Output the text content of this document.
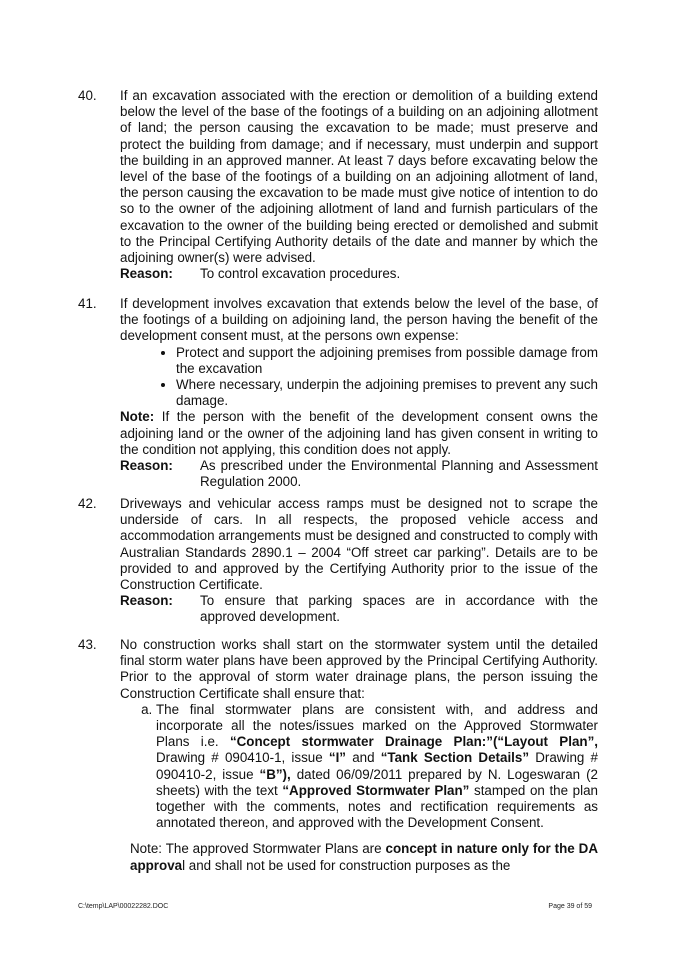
40.	If an excavation associated with the erection or demolition of a building extend below the level of the base of the footings of a building on an adjoining allotment of land; the person causing the excavation to be made; must preserve and protect the building from damage; and if necessary, must underpin and support the building in an approved manner. At least 7 days before excavating below the level of the base of the footings of a building on an adjoining allotment of land, the person causing the excavation to be made must give notice of intention to do so to the owner of the adjoining allotment of land and furnish particulars of the excavation to the owner of the building being erected or demolished and submit to the Principal Certifying Authority details of the date and manner by which the adjoining owner(s) were advised.

Reason:	To control excavation procedures.
41.	If development involves excavation that extends below the level of the base, of the footings of a building on adjoining land, the person having the benefit of the development consent must, at the persons own expense:

• Protect and support the adjoining premises from possible damage from the excavation
• Where necessary, underpin the adjoining premises to prevent any such damage.

Note: If the person with the benefit of the development consent owns the adjoining land or the owner of the adjoining land has given consent in writing to the condition not applying, this condition does not apply.

Reason:	As prescribed under the Environmental Planning and Assessment Regulation 2000.
42.	Driveways and vehicular access ramps must be designed not to scrape the underside of cars. In all respects, the proposed vehicle access and accommodation arrangements must be designed and constructed to comply with Australian Standards 2890.1 – 2004 “Off street car parking”. Details are to be provided to and approved by the Certifying Authority prior to the issue of the Construction Certificate.

Reason:	To ensure that parking spaces are in accordance with the approved development.
43.	No construction works shall start on the stormwater system until the detailed final storm water plans have been approved by the Principal Certifying Authority. Prior to the approval of storm water drainage plans, the person issuing the Construction Certificate shall ensure that:

a. The final stormwater plans are consistent with, and address and incorporate all the notes/issues marked on the Approved Stormwater Plans i.e. “Concept stormwater Drainage Plan:”(“Layout Plan”, Drawing # 090410-1, issue “I” and “Tank Section Details” Drawing # 090410-2, issue “B”), dated 06/09/2011 prepared by N. Logeswaran (2 sheets) with the text “Approved Stormwater Plan” stamped on the plan together with the comments, notes and rectification requirements as annotated thereon, and approved with the Development Consent.

Note: The approved Stormwater Plans are concept in nature only for the DA approval and shall not be used for construction purposes as the

C:\temp\LAP\00022282.DOC	Page 39 of 59
